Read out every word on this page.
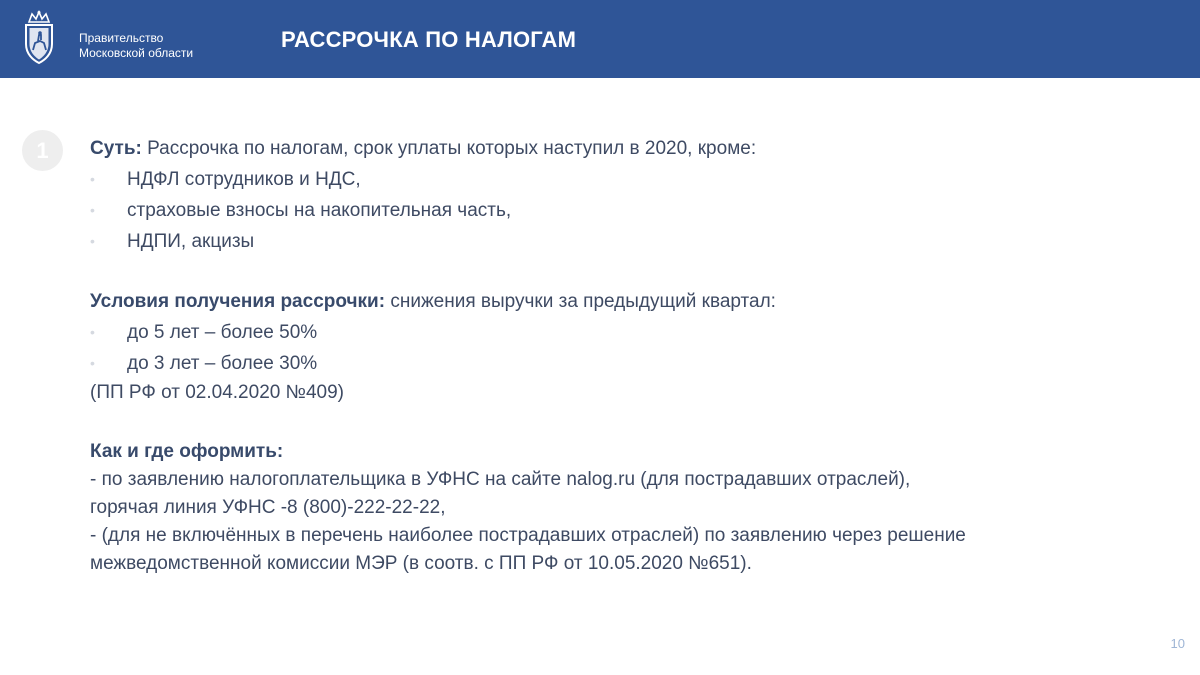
Правительство
Московской области
РАССРОЧКА ПО НАЛОГАМ
1	Суть: Рассрочка по налогам, срок уплаты которых наступил в 2020, кроме:

• НДФЛ сотрудников и НДС,

• страховые взносы на накопительная часть,

• НДПИ, акцизы

Условия получения рассрочки: снижения выручки за предыдущий квартал:

• до 5 лет – более 50%

• до 3 лет – более 30%

(ПП РФ от 02.04.2020 №409)

Как и где оформить:

- по заявлению налогоплательщика в УФНС на сайте nalog.ru (для пострадавших отраслей),

горячая линия УФНС -8 (800)-222-22-22,

- (для не включённых в перечень наиболее пострадавших отраслей) по заявлению через решение

межведомственной комиссии МЭР (в соотв. с ПП РФ от 10.05.2020 №651).

10
